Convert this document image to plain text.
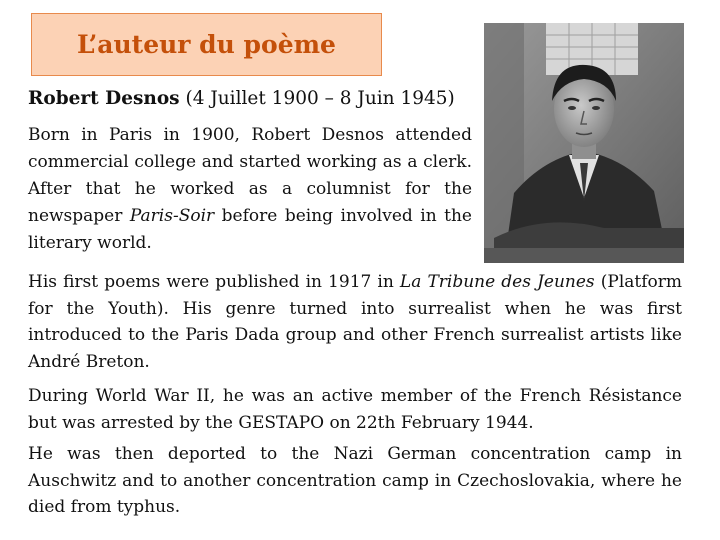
L’auteur du poème
Robert Desnos (4 Juillet 1900 – 8 Juin 1945)
Born in Paris in 1900, Robert Desnos attended commercial college and started working as a clerk. After that he worked as a columnist for the newspaper Paris-Soir before being involved in the literary world.
His first poems were published in 1917 in La Tribune des Jeunes (Platform for the Youth). His genre turned into surrealist when he was first introduced to the Paris Dada group and other French surrealist artists like André Breton.
During World War II, he was an active member of the French Résistance but was arrested by the GESTAPO on 22th February 1944.
He was then deported to the Nazi German concentration camp in Auschwitz and to another concentration camp in Czechoslovakia, where he died from typhus.
